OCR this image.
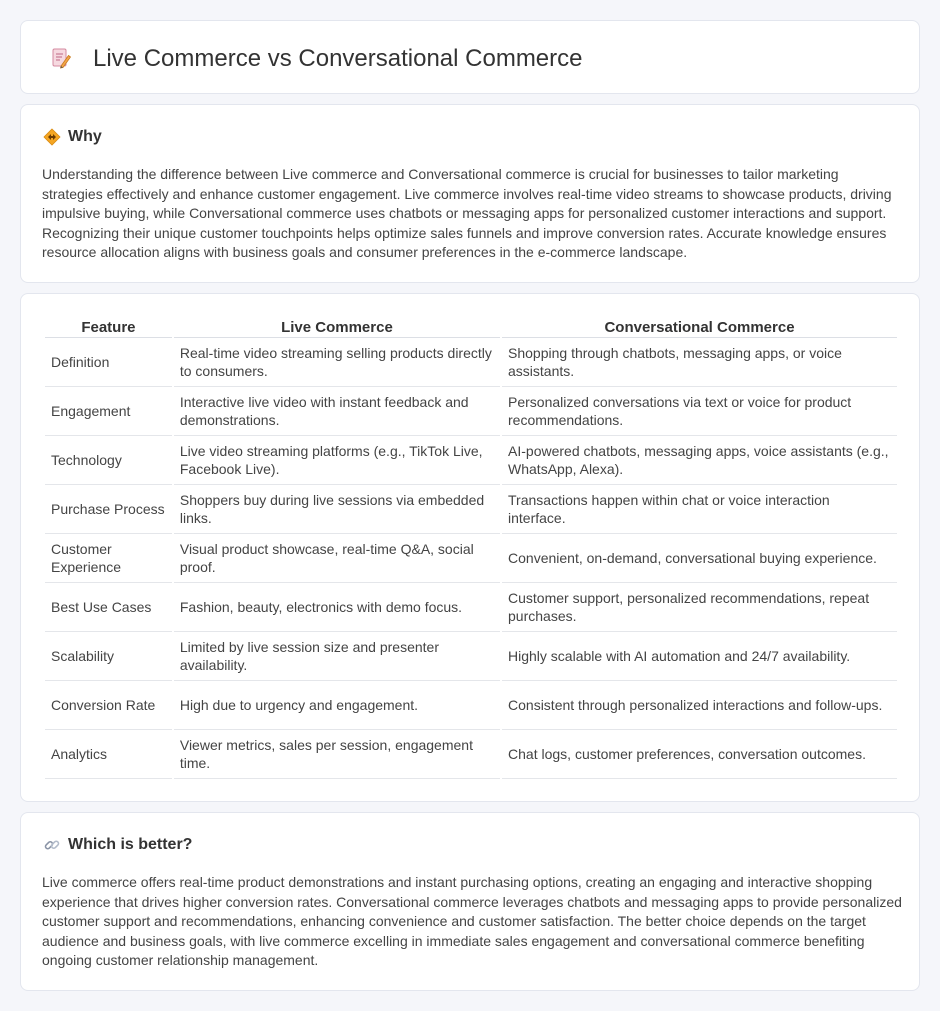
Live Commerce vs Conversational Commerce
Why

Understanding the difference between Live commerce and Conversational commerce is crucial for businesses to tailor marketing strategies effectively and enhance customer engagement. Live commerce involves real-time video streams to showcase products, driving impulsive buying, while Conversational commerce uses chatbots or messaging apps for personalized customer interactions and support. Recognizing their unique customer touchpoints helps optimize sales funnels and improve conversion rates. Accurate knowledge ensures resource allocation aligns with business goals and consumer preferences in the e-commerce landscape.

Feature	Live Commerce	Conversational Commerce
Definition	Real-time video streaming selling products directly to consumers.	Shopping through chatbots, messaging apps, or voice assistants.
Engagement	Interactive live video with instant feedback and demonstrations.	Personalized conversations via text or voice for product recommendations.
Technology	Live video streaming platforms (e.g., TikTok Live, Facebook Live).	AI-powered chatbots, messaging apps, voice assistants (e.g., WhatsApp, Alexa).
Purchase Process	Shoppers buy during live sessions via embedded links.	Transactions happen within chat or voice interaction interface.
Customer Experience	Visual product showcase, real-time Q&A, social proof.	Convenient, on-demand, conversational buying experience.
Best Use Cases	Fashion, beauty, electronics with demo focus.	Customer support, personalized recommendations, repeat purchases.
Scalability	Limited by live session size and presenter availability.	Highly scalable with AI automation and 24/7 availability.
Conversion Rate	High due to urgency and engagement.	Consistent through personalized interactions and follow-ups.
Analytics	Viewer metrics, sales per session, engagement time.	Chat logs, customer preferences, conversation outcomes.
Which is better?

Live commerce offers real-time product demonstrations and instant purchasing options, creating an engaging and interactive shopping experience that drives higher conversion rates. Conversational commerce leverages chatbots and messaging apps to provide personalized customer support and recommendations, enhancing convenience and customer satisfaction. The better choice depends on the target audience and business goals, with live commerce excelling in immediate sales engagement and conversational commerce benefiting ongoing customer relationship management.
